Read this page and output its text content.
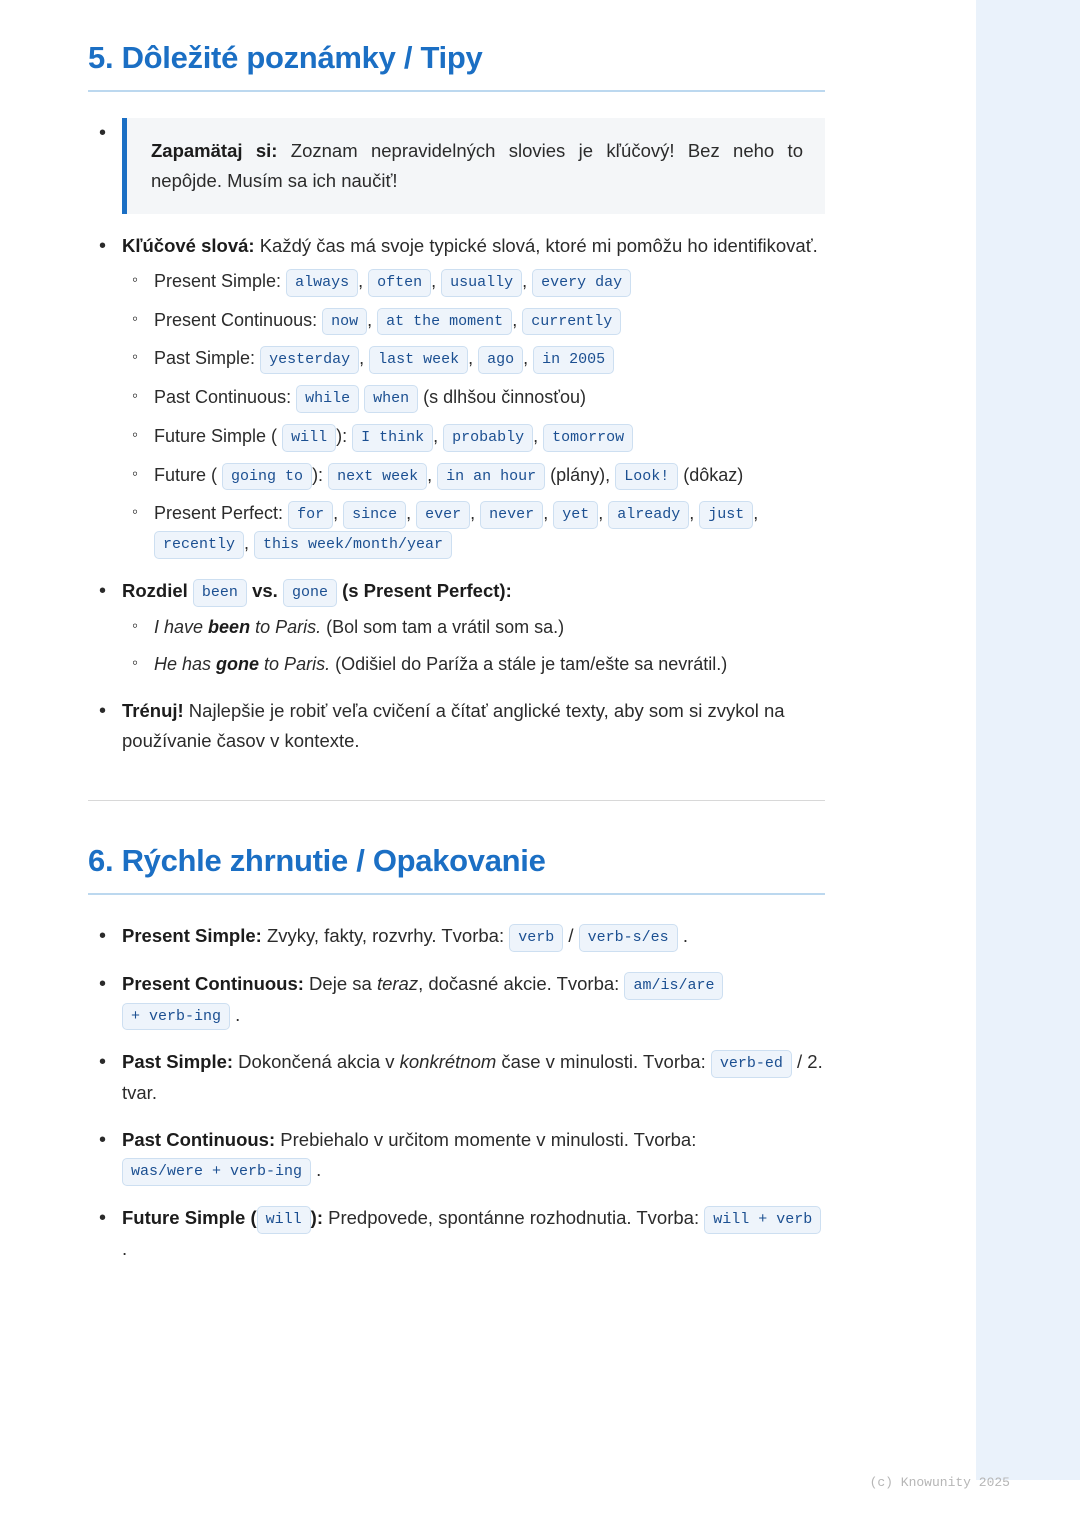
5. Dôležité poznámky / Tipy
• Zapamätaj si: Zoznam nepravidelných slovies je kľúčový! Bez neho to nepôjde. Musím sa ich naučiť!
• Kľúčové slová: Každý čas má svoje typické slová, ktoré mi pomôžu ho identifikovať.
◦ Present Simple: always , often , usually , every day
◦ Present Continuous: now , at the moment , currently
◦ Past Simple: yesterday , last week , ago , in 2005
◦ Past Continuous: while when (s dlhšou činnosťou)
◦ Future Simple ( will ): I think , probably , tomorrow
◦ Future ( going to ): next week , in an hour (plány), Look! (dôkaz)
◦ Present Perfect: for , since , ever , never , yet , already , just , recently , this week/month/year
• Rozdiel been vs. gone (s Present Perfect):
◦ I have been to Paris. (Bol som tam a vrátil som sa.)
◦ He has gone to Paris. (Odišiel do Paríža a stále je tam/ešte sa nevrátil.)
• Trénuj! Najlepšie je robiť veľa cvičení a čítať anglické texty, aby som si zvykol na používanie časov v kontexte.
6. Rýchle zhrnutie / Opakovanie
• Present Simple: Zvyky, fakty, rozvrhy. Tvorba: verb / verb-s/es .
• Present Continuous: Deje sa teraz, dočasné akcie. Tvorba: am/is/are + verb-ing .
• Past Simple: Dokončená akcia v konkrétnom čase v minulosti. Tvorba: verb-ed / 2. tvar.
• Past Continuous: Prebiehalo v určitom momente v minulosti. Tvorba: was/were + verb-ing .
• Future Simple ( will ): Predpovede, spontánne rozhodnutia. Tvorba: will + verb .
(c) Knowunity 2025
